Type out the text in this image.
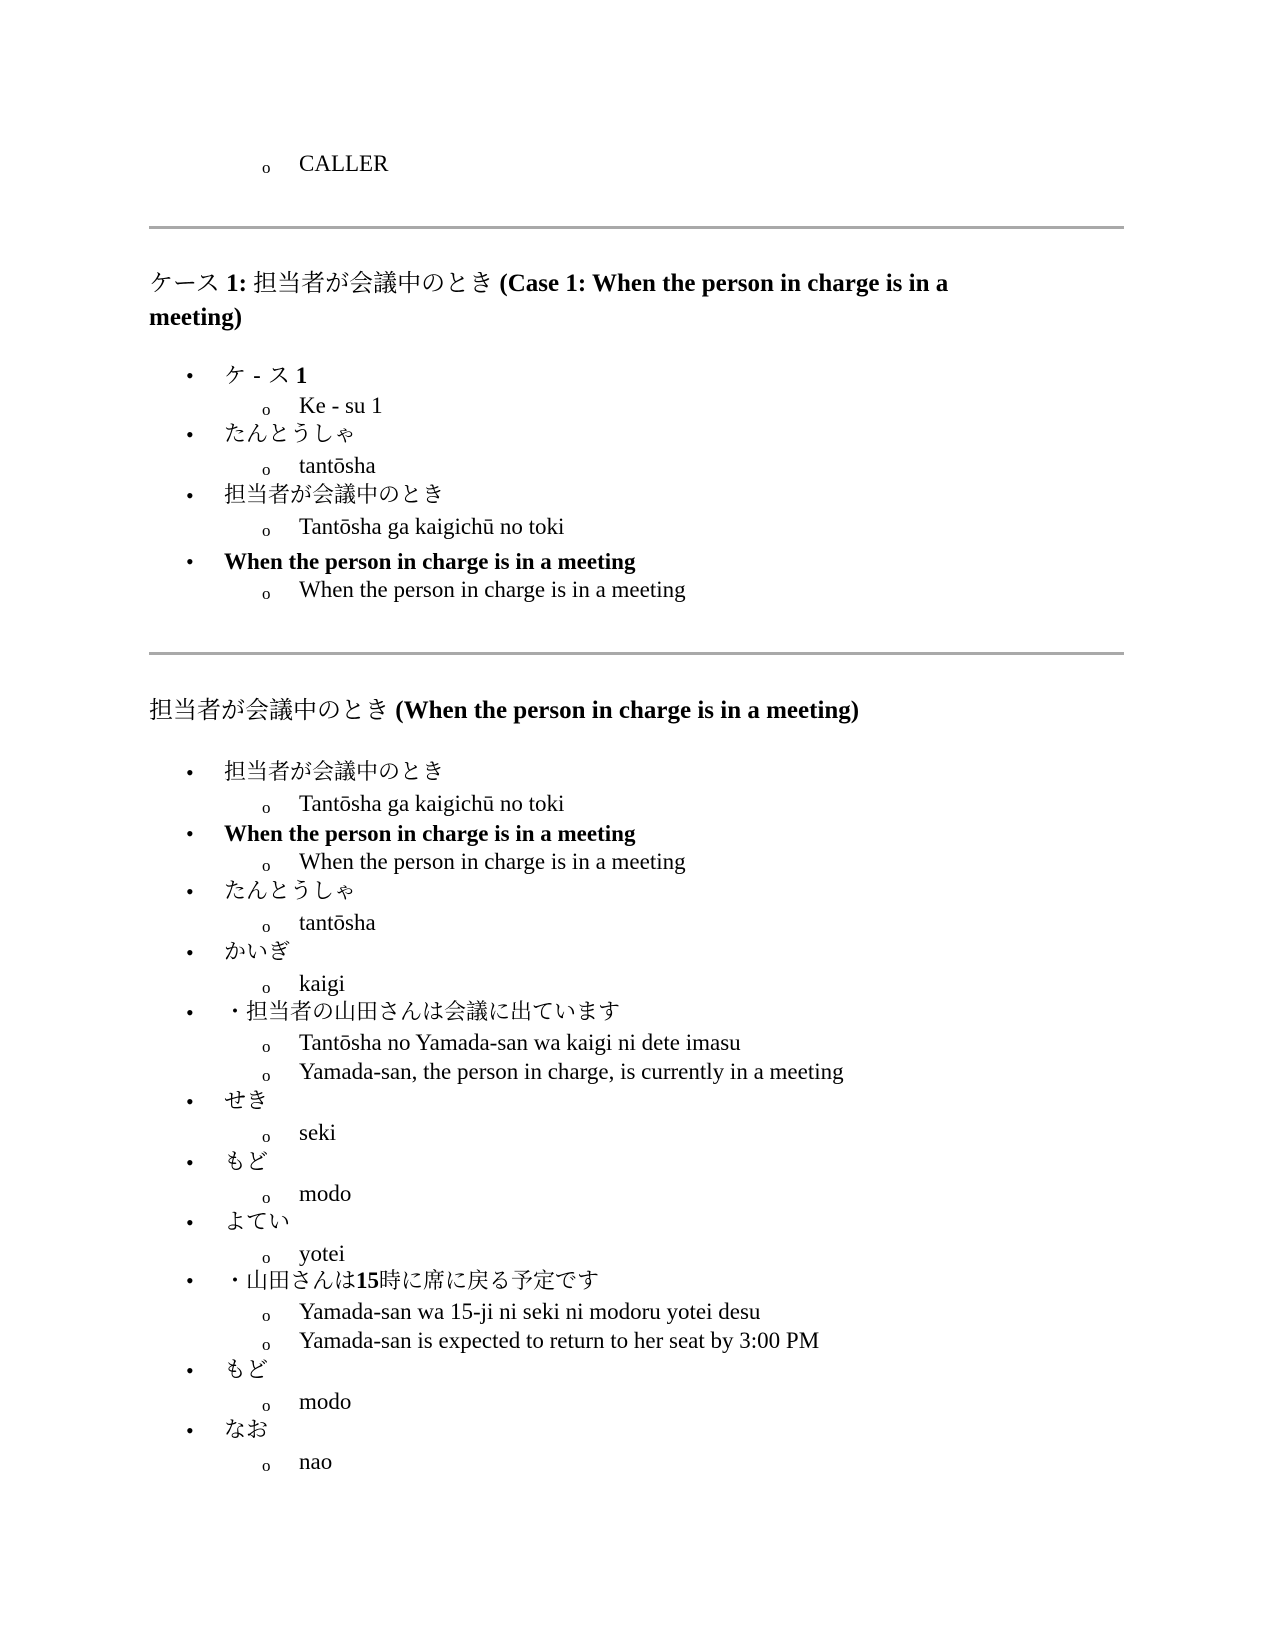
o CALLER
ケース 1: 担当者が会議中のとき (Case 1: When the person in charge is in a
meeting)
• ケ - ス 1
o Ke - su 1
• たんとうしゃ
o tantōsha
• 担当者が会議中のとき
o Tantōsha ga kaigichū no toki
• When the person in charge is in a meeting
o When the person in charge is in a meeting
担当者が会議中のとき (When the person in charge is in a meeting)
• 担当者が会議中のとき
o Tantōsha ga kaigichū no toki
• When the person in charge is in a meeting
o When the person in charge is in a meeting
• たんとうしゃ
o tantōsha
• かいぎ
o kaigi
• ・担当者の山田さんは会議に出ています
o Tantōsha no Yamada-san wa kaigi ni dete imasu
o Yamada-san, the person in charge, is currently in a meeting
• せき
o seki
• もど
o modo
• よてい
o yotei
• ・山田さんは15時に席に戻る予定です
o Yamada-san wa 15-ji ni seki ni modoru yotei desu
o Yamada-san is expected to return to her seat by 3:00 PM
• もど
o modo
• なお
o nao
